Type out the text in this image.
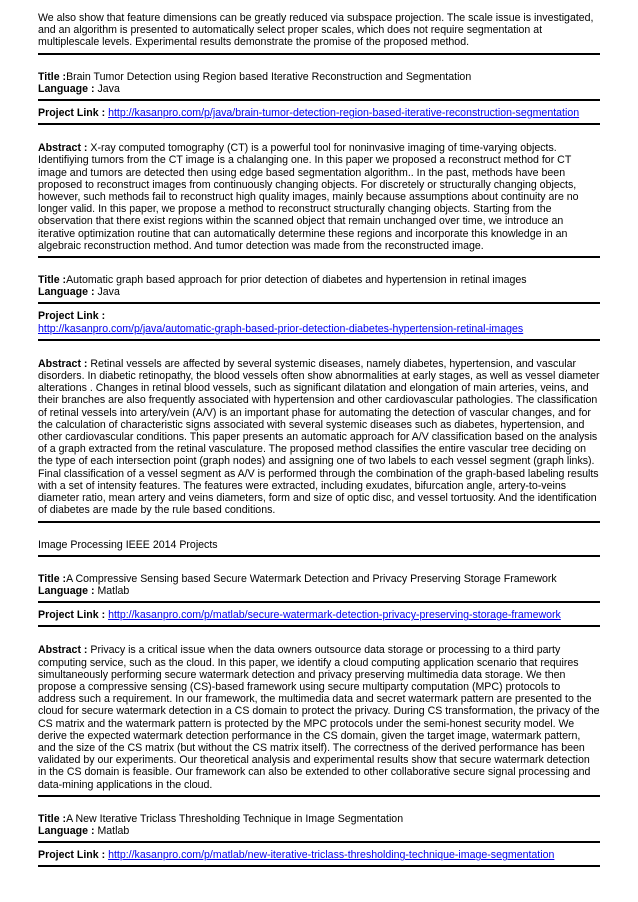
We also show that feature dimensions can be greatly reduced via subspace projection. The scale issue is investigated, and an algorithm is presented to automatically select proper scales, which does not require segmentation at multiplescale levels. Experimental results demonstrate the promise of the proposed method.

Title :Brain Tumor Detection using Region based Iterative Reconstruction and Segmentation

Language : Java

Project Link : http://kasanpro.com/p/java/brain-tumor-detection-region-based-iterative-reconstruction-segmentation

Abstract : X-ray computed tomography (CT) is a powerful tool for noninvasive imaging of time-varying objects. Identifiying tumors from the CT image is a chalanging one. In this paper we proposed a reconstruct method for CT image and tumors are detected then using edge based segmentation algorithm.. In the past, methods have been proposed to reconstruct images from continuously changing objects. For discretely or structurally changing objects, however, such methods fail to reconstruct high quality images, mainly because assumptions about continuity are no longer valid. In this paper, we propose a method to reconstruct structurally changing objects. Starting from the observation that there exist regions within the scanned object that remain unchanged over time, we introduce an iterative optimization routine that can automatically determine these regions and incorporate this knowledge in an algebraic reconstruction method. And tumor detection was made from the reconstructed image.

Title :Automatic graph based approach for prior detection of diabetes and hypertension in retinal images

Language : Java

Project Link :

http://kasanpro.com/p/java/automatic-graph-based-prior-detection-diabetes-hypertension-retinal-images

Abstract : Retinal vessels are affected by several systemic diseases, namely diabetes, hypertension, and vascular disorders. In diabetic retinopathy, the blood vessels often show abnormalities at early stages, as well as vessel diameter alterations . Changes in retinal blood vessels, such as significant dilatation and elongation of main arteries, veins, and their branches are also frequently associated with hypertension and other cardiovascular pathologies. The classification of retinal vessels into artery/vein (A/V) is an important phase for automating the detection of vascular changes, and for the calculation of characteristic signs associated with several systemic diseases such as diabetes, hypertension, and other cardiovascular conditions. This paper presents an automatic approach for A/V classification based on the analysis of a graph extracted from the retinal vasculature. The proposed method classifies the entire vascular tree deciding on the type of each intersection point (graph nodes) and assigning one of two labels to each vessel segment (graph links). Final classification of a vessel segment as A/V is performed through the combination of the graph-based labeling results with a set of intensity features. The features were extracted, including exudates, bifurcation angle, artery-to-veins diameter ratio, mean artery and veins diameters, form and size of optic disc, and vessel tortuosity. And the identification of diabetes are made by the rule based conditions.

Image Processing IEEE 2014 Projects

Title :A Compressive Sensing based Secure Watermark Detection and Privacy Preserving Storage Framework

Language : Matlab

Project Link : http://kasanpro.com/p/matlab/secure-watermark-detection-privacy-preserving-storage-framework

Abstract : Privacy is a critical issue when the data owners outsource data storage or processing to a third party computing service, such as the cloud. In this paper, we identify a cloud computing application scenario that requires simultaneously performing secure watermark detection and privacy preserving multimedia data storage. We then propose a compressive sensing (CS)-based framework using secure multiparty computation (MPC) protocols to address such a requirement. In our framework, the multimedia data and secret watermark pattern are presented to the cloud for secure watermark detection in a CS domain to protect the privacy. During CS transformation, the privacy of the CS matrix and the watermark pattern is protected by the MPC protocols under the semi-honest security model. We derive the expected watermark detection performance in the CS domain, given the target image, watermark pattern, and the size of the CS matrix (but without the CS matrix itself). The correctness of the derived performance has been validated by our experiments. Our theoretical analysis and experimental results show that secure watermark detection in the CS domain is feasible. Our framework can also be extended to other collaborative secure signal processing and data-mining applications in the cloud.

Title :A New Iterative Triclass Thresholding Technique in Image Segmentation

Language : Matlab

Project Link : http://kasanpro.com/p/matlab/new-iterative-triclass-thresholding-technique-image-segmentation
